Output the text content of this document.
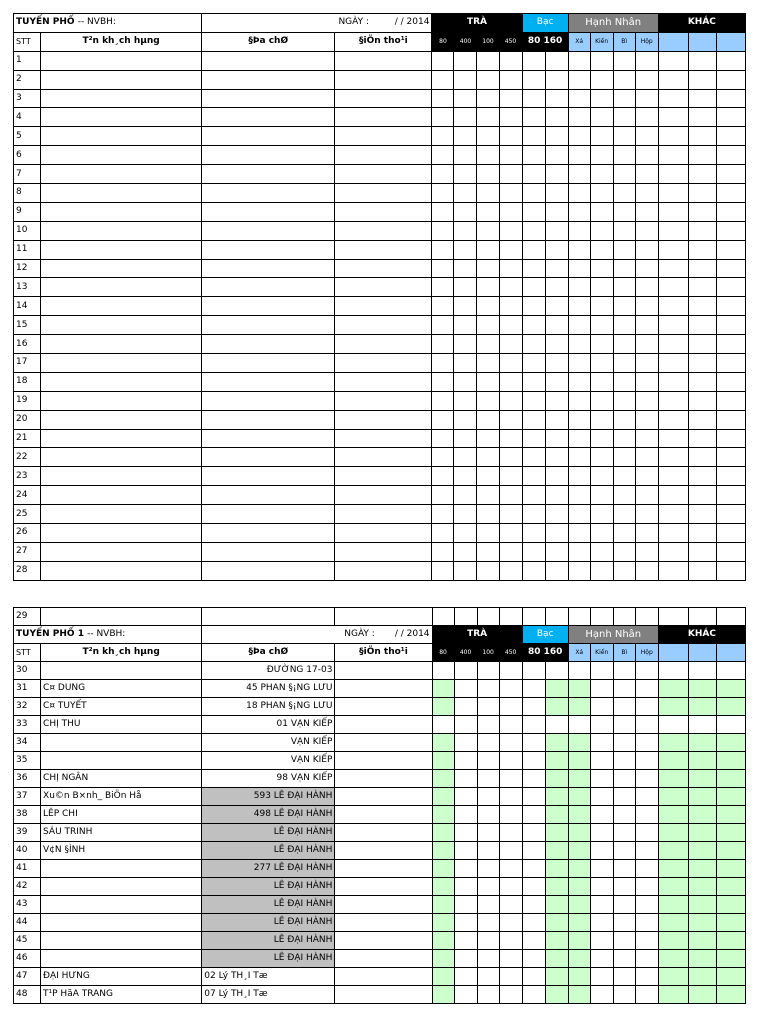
TUYẾN PHỐ -- NVBH:		NGÀY : / / 2014		TRÀ				Bạc		Hạnh Nhân				KHÁC		
STT	T²n kh¸ch hµng	§Þa chØ	§iÖn tho¹i	80	400	100	450	80 160		Xá	Kiến	Bì	Hộp			
1																
2																
3																
4																
5																
6																
7																
8																
9																
10																
11																
12																
13																
14																
15																
16																
17																
18																
19																
20																
21																
22																
23																
24																
25																
26																
27																
28																
29																
TUYẾN PHỐ 1 -- NVBH:		NGÀY : / / 2014		TRÀ				Bạc		Hạnh Nhân				KHÁC		
STT	T²n kh¸ch hµng	§Þa chØ	§iÖn tho¹i	80	400	100	450	80 160		Xá	Kiến	Bì	Hộp			
30		ĐƯỜNG 17-03														
31	C¤ DUNG	45 PHAN §¡NG LƯU														
32	C¤ TUYẾT	18 PHAN §¡NG LƯU														
33	CHỊ THU	01 VẠN KIẾP														
34		VẠN KIẾP														
35		VẠN KIẾP														
36	CHỊ NGÂN	98 VẠN KIẾP														
37	Xu©n B×nh_ BiÖn Hå	593 LÊ ĐẠI HÀNH														
38	LÊP CHI	498 LÊ ĐẠI HÀNH														
39	SÁU TRINH	LÊ ĐẠI HÀNH														
40	V¢N §ÌNH	LÊ ĐẠI HÀNH														
41		277 LÊ ĐẠI HÀNH														
42		LÊ ĐẠI HÀNH														
43		LÊ ĐẠI HÀNH														
44		LÊ ĐẠI HÀNH														
45		LÊ ĐẠI HÀNH														
46		LÊ ĐẠI HÀNH														
47	ĐẠI HƯNG	02 Lý TH¸I Tæ														
48	T¹P HãA TRANG	07 Lý TH¸I Tæ														
